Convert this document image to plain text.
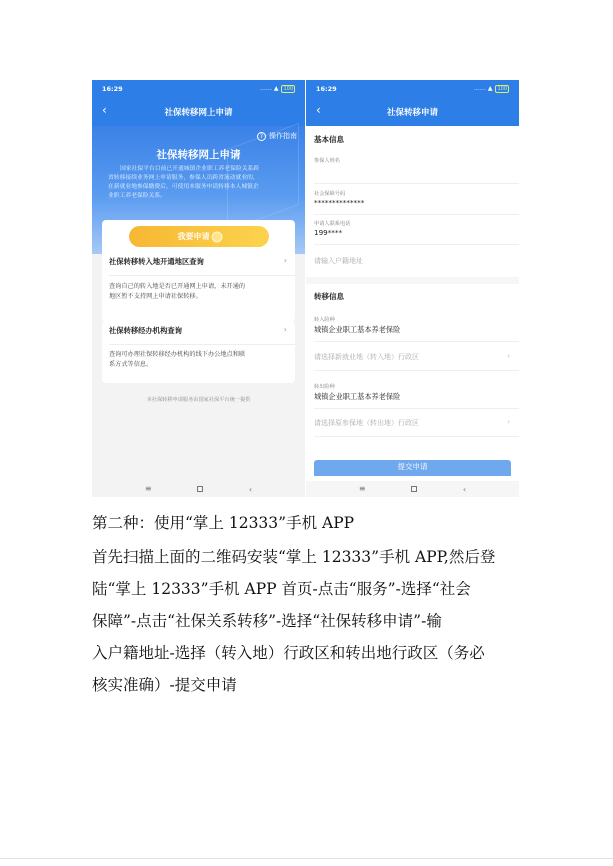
16:29	…… ▲	100
‹	社保转移网上申请
? 操作指南
社保转移网上申请
国家社保平台目前已开通城镇企业职工养老保险关系跨
省转移接续业务网上申请服务，参保人员跨省流动就业的，
在新就业地参保缴费后，可使用本服务申请转移本人城镇企
业职工养老保险关系。
我要申请
社保转移转入地开通地区查询	›
查询自己的转入地是否已开通网上申请，未开通的
地区暂不支持网上申请社保转移。
社保转移经办机构查询	›
查询可办理社保转移经办机构的线下办公地点和联
系方式等信息。
本社保转移申请服务由国家社保平台统一提供
≡	‹
16:29	…… ▲	100
‹	社保转移申请
基本信息
参保人姓名
社会保障号码
**************
申请人联系电话
199****
请输入户籍地址
转移信息
转入险种
城镇企业职工基本养老保险
请选择新就业地（转入地）行政区	›
转出险种
城镇企业职工基本养老保险
请选择原参保地（转出地）行政区	›
提交申请
≡	‹
第二种：使用“掌上 12333”手机 APP
首先扫描上面的二维码安装“掌上 12333”手机 APP,然后登
陆“掌上 12333”手机 APP 首页-点击“服务”-选择“社会
保障”-点击“社保关系转移”-选择“社保转移申请”-输
入户籍地址-选择（转入地）行政区和转出地行政区（务必
核实准确）-提交申请
